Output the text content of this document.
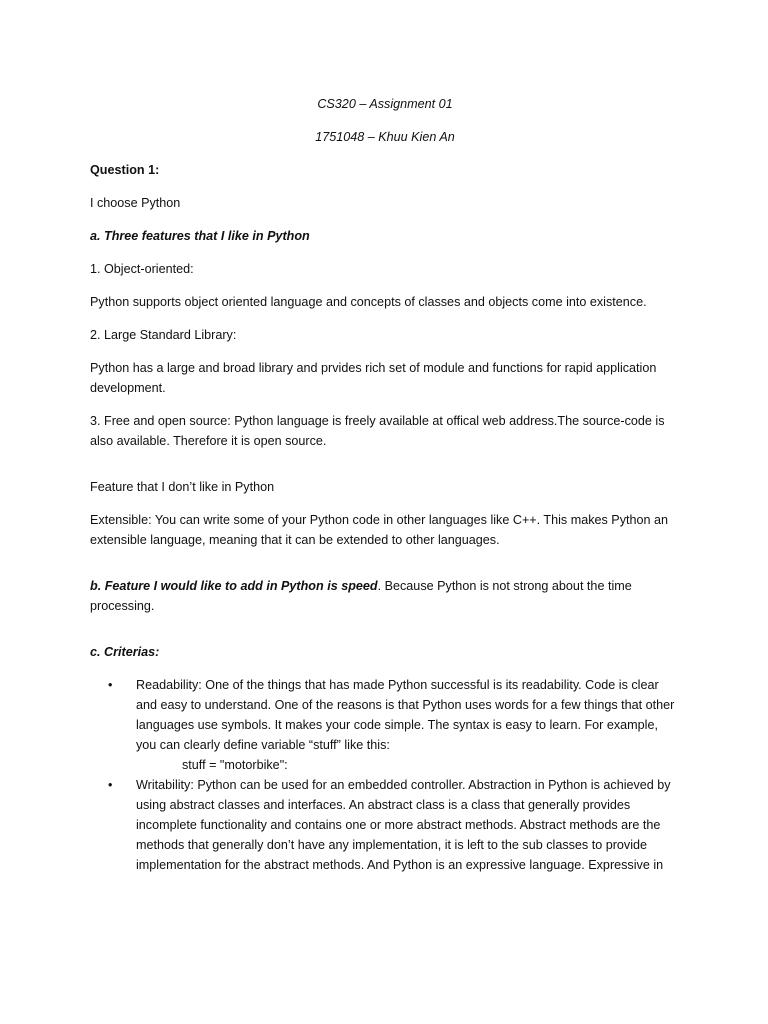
CS320 – Assignment 01

1751048 – Khuu Kien An

Question 1:

I choose Python

a. Three features that I like in Python

1. Object-oriented:

Python supports object oriented language and concepts of classes and objects come into existence.

2. Large Standard Library:

Python has a large and broad library and prvides rich set of module and functions for rapid application development.

3. Free and open source: Python language is freely available at offical web address.The source-code is also available. Therefore it is open source.

Feature that I don’t like in Python

Extensible: You can write some of your Python code in other languages like C++. This makes Python an extensible language, meaning that it can be extended to other languages.

b. Feature I would like to add in Python is speed. Because Python is not strong about the time processing.

c. Criterias:

• Readability: One of the things that has made Python successful is its readability. Code is clear and easy to understand. One of the reasons is that Python uses words for a few things that other languages use symbols. It makes your code simple. The syntax is easy to learn. For example, you can clearly define variable “stuff” like this:
stuff = "motorbike":
• Writability: Python can be used for an embedded controller. Abstraction in Python is achieved by using abstract classes and interfaces. An abstract class is a class that generally provides incomplete functionality and contains one or more abstract methods. Abstract methods are the methods that generally don’t have any implementation, it is left to the sub classes to provide implementation for the abstract methods. And Python is an expressive language. Expressive in
